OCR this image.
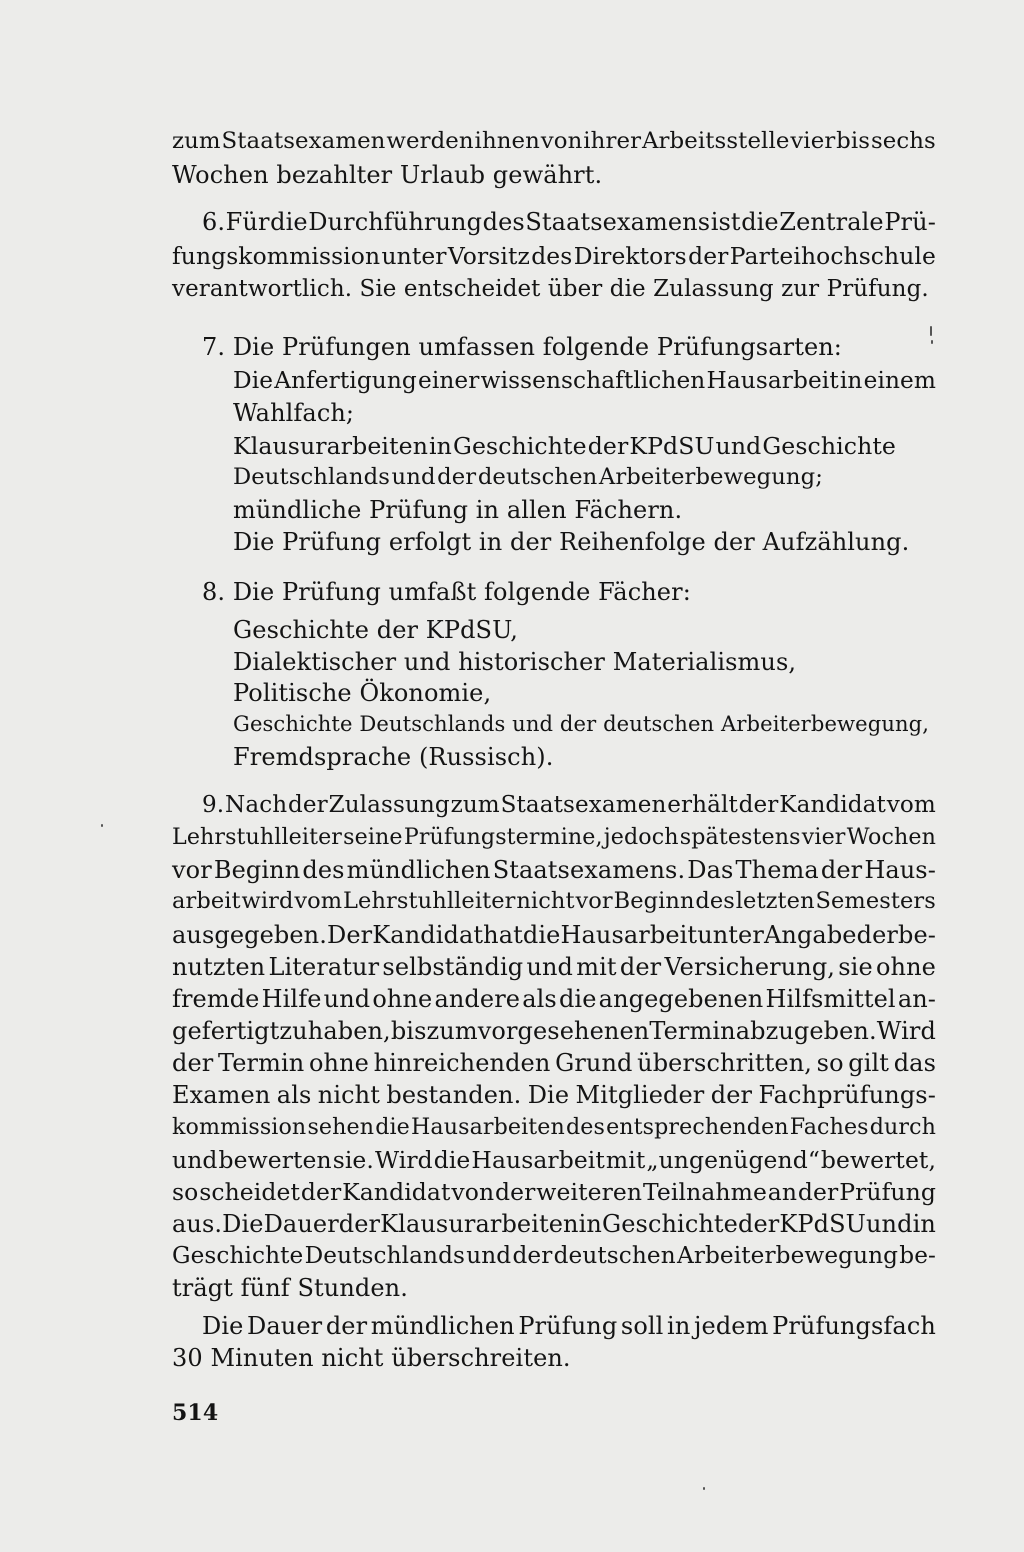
zum Staatsexamen werden ihnen von ihrer Arbeitsstelle vier bis sechs

Wochen bezahlter Urlaub gewährt.

6. Für die Durchführung des Staatsexamens ist die Zentrale Prü-

fungskommission unter Vorsitz des Direktors der Parteihochschule

verantwortlich. Sie entscheidet über die Zulassung zur Prüfung.

7. Die Prüfungen umfassen folgende Prüfungsarten:

Die Anfertigung einer wissenschaftlichen Hausarbeit in einem

Wahlfach;

Klausurarbeiten in Geschichte der KPdSU und Geschichte

Deutschlands und der deutschen Arbeiterbewegung;

mündliche Prüfung in allen Fächern.

Die Prüfung erfolgt in der Reihenfolge der Aufzählung.

8. Die Prüfung umfaßt folgende Fächer:

Geschichte der KPdSU,

Dialektischer und historischer Materialismus,

Politische Ökonomie,

Geschichte Deutschlands und der deutschen Arbeiterbewegung,

Fremdsprache (Russisch).

9. Nach der Zulassung zum Staatsexamen erhält der Kandidat vom

Lehrstuhlleiter seine Prüfungstermine, jedoch spätestens vier Wochen

vor Beginn des mündlichen Staatsexamens. Das Thema der Haus-

arbeit wird vom Lehrstuhlleiter nicht vor Beginn des letzten Semesters

ausgegeben. Der Kandidat hat die Hausarbeit unter Angabe der be-

nutzten Literatur selbständig und mit der Versicherung, sie ohne

fremde Hilfe und ohne andere als die angegebenen Hilfsmittel an-

gefertigt zu haben, bis zum vorgesehenen Termin abzugeben. Wird

der Termin ohne hinreichenden Grund überschritten, so gilt das

Examen als nicht bestanden. Die Mitglieder der Fachprüfungs-

kommission sehen die Hausarbeiten des entsprechenden Faches durch

und bewerten sie. Wird die Hausarbeit mit „ungenügend“ bewertet,

so scheidet der Kandidat von der weiteren Teilnahme an der Prüfung

aus. Die Dauer der Klausurarbeiten in Geschichte der KPdSU und in

Geschichte Deutschlands und der deutschen Arbeiterbewegung be-

trägt fünf Stunden.

Die Dauer der mündlichen Prüfung soll in jedem Prüfungsfach

30 Minuten nicht überschreiten.

514
